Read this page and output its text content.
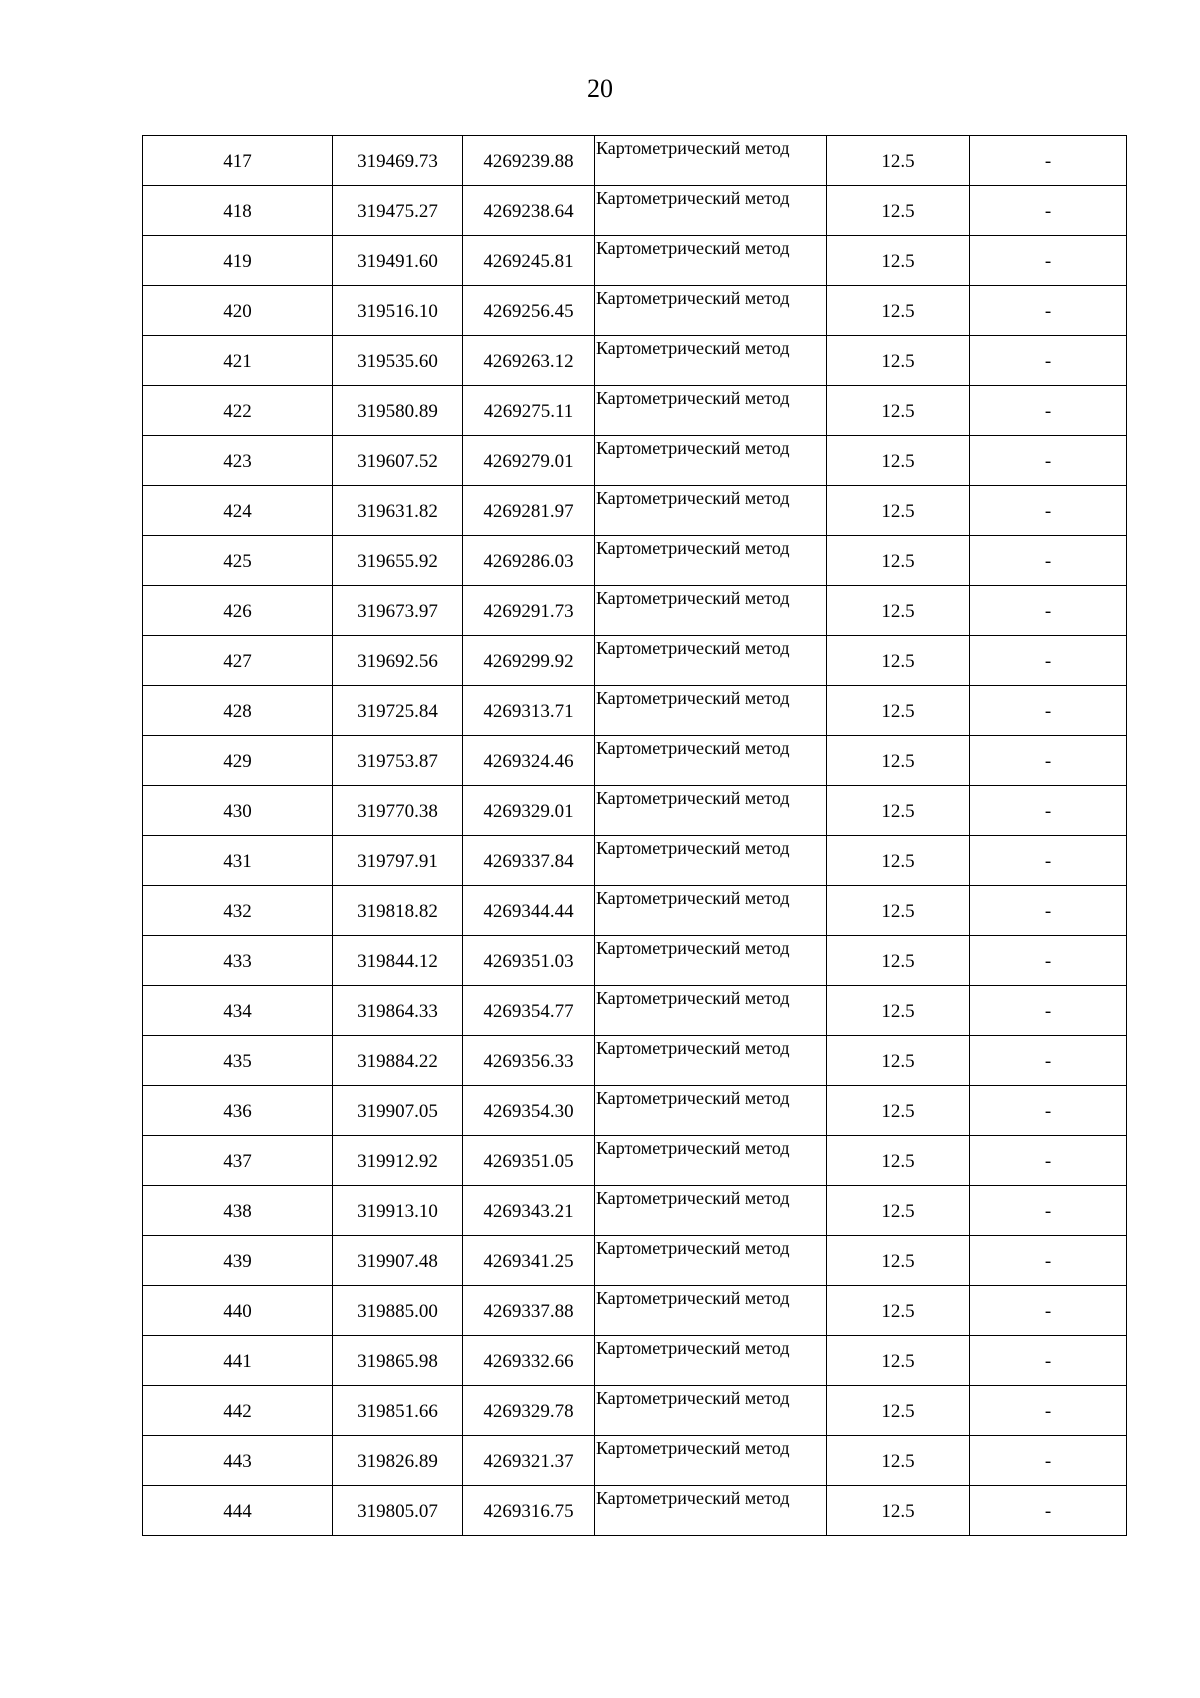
20
417	319469.73	4269239.88	Картометрический метод	12.5	-
418	319475.27	4269238.64	Картометрический метод	12.5	-
419	319491.60	4269245.81	Картометрический метод	12.5	-
420	319516.10	4269256.45	Картометрический метод	12.5	-
421	319535.60	4269263.12	Картометрический метод	12.5	-
422	319580.89	4269275.11	Картометрический метод	12.5	-
423	319607.52	4269279.01	Картометрический метод	12.5	-
424	319631.82	4269281.97	Картометрический метод	12.5	-
425	319655.92	4269286.03	Картометрический метод	12.5	-
426	319673.97	4269291.73	Картометрический метод	12.5	-
427	319692.56	4269299.92	Картометрический метод	12.5	-
428	319725.84	4269313.71	Картометрический метод	12.5	-
429	319753.87	4269324.46	Картометрический метод	12.5	-
430	319770.38	4269329.01	Картометрический метод	12.5	-
431	319797.91	4269337.84	Картометрический метод	12.5	-
432	319818.82	4269344.44	Картометрический метод	12.5	-
433	319844.12	4269351.03	Картометрический метод	12.5	-
434	319864.33	4269354.77	Картометрический метод	12.5	-
435	319884.22	4269356.33	Картометрический метод	12.5	-
436	319907.05	4269354.30	Картометрический метод	12.5	-
437	319912.92	4269351.05	Картометрический метод	12.5	-
438	319913.10	4269343.21	Картометрический метод	12.5	-
439	319907.48	4269341.25	Картометрический метод	12.5	-
440	319885.00	4269337.88	Картометрический метод	12.5	-
441	319865.98	4269332.66	Картометрический метод	12.5	-
442	319851.66	4269329.78	Картометрический метод	12.5	-
443	319826.89	4269321.37	Картометрический метод	12.5	-
444	319805.07	4269316.75	Картометрический метод	12.5	-
